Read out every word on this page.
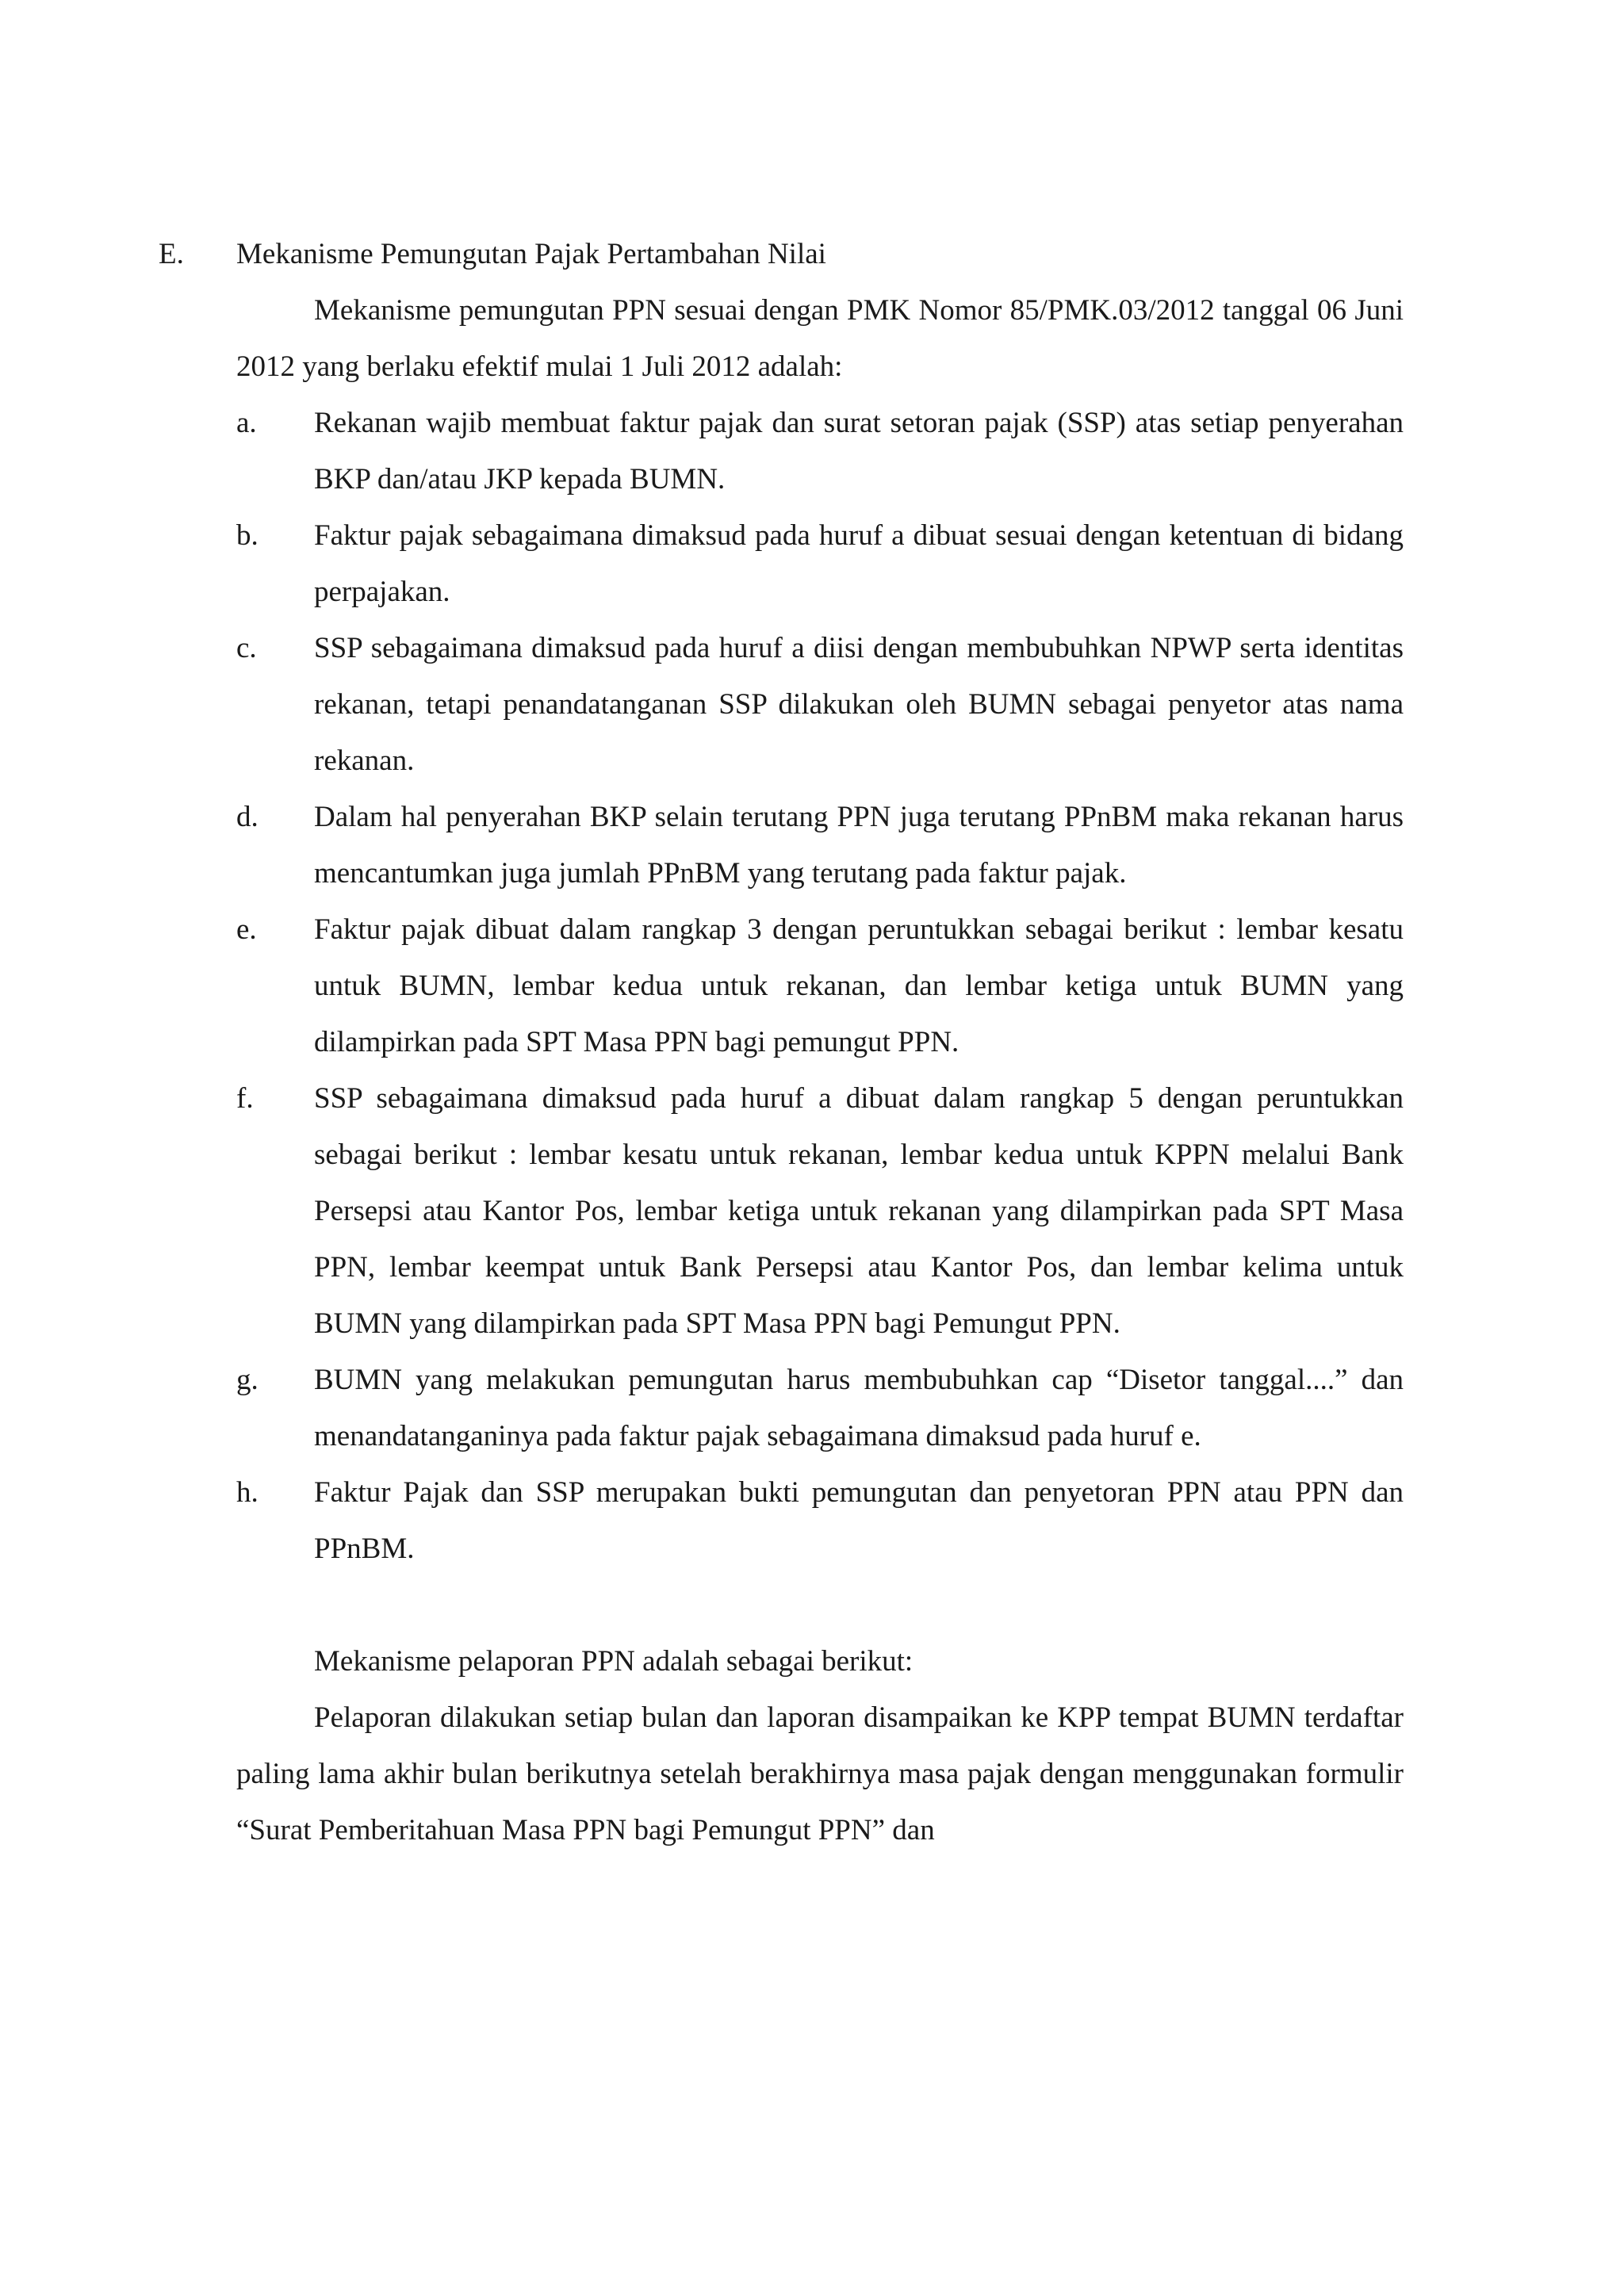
E.	Mekanisme Pemungutan Pajak Pertambahan Nilai
Mekanisme pemungutan PPN sesuai dengan PMK Nomor 85/PMK.03/2012 tanggal 06 Juni 2012 yang berlaku efektif mulai 1 Juli 2012 adalah:
a.	Rekanan wajib membuat faktur pajak dan surat setoran pajak (SSP) atas setiap penyerahan BKP dan/atau JKP kepada BUMN.
b.	Faktur pajak sebagaimana dimaksud pada huruf a dibuat sesuai dengan ketentuan di bidang perpajakan.
c.	SSP sebagaimana dimaksud pada huruf a diisi dengan membubuhkan NPWP serta identitas rekanan, tetapi penandatanganan SSP dilakukan oleh BUMN sebagai penyetor atas nama rekanan.
d.	Dalam hal penyerahan BKP selain terutang PPN juga terutang PPnBM maka rekanan harus mencantumkan juga jumlah PPnBM yang terutang pada faktur pajak.
e.	Faktur pajak dibuat dalam rangkap 3 dengan peruntukkan sebagai berikut : lembar kesatu untuk BUMN, lembar kedua untuk rekanan, dan lembar ketiga untuk BUMN yang dilampirkan pada SPT Masa PPN bagi pemungut PPN.
f.	SSP sebagaimana dimaksud pada huruf a dibuat dalam rangkap 5 dengan peruntukkan sebagai berikut : lembar kesatu untuk rekanan, lembar kedua untuk KPPN melalui Bank Persepsi atau Kantor Pos, lembar ketiga untuk rekanan yang dilampirkan pada SPT Masa PPN, lembar keempat untuk Bank Persepsi atau Kantor Pos, dan lembar kelima untuk BUMN yang dilampirkan pada SPT Masa PPN bagi Pemungut PPN.
g.	BUMN yang melakukan pemungutan harus membubuhkan cap “Disetor tanggal....” dan menandatanganinya pada faktur pajak sebagaimana dimaksud pada huruf e.
h.	Faktur Pajak dan SSP merupakan bukti pemungutan dan penyetoran PPN atau PPN dan PPnBM.
Mekanisme pelaporan PPN adalah sebagai berikut:
Pelaporan dilakukan setiap bulan dan laporan disampaikan ke KPP tempat BUMN terdaftar paling lama akhir bulan berikutnya setelah berakhirnya masa pajak dengan menggunakan formulir “Surat Pemberitahuan Masa PPN bagi Pemungut PPN” dan
